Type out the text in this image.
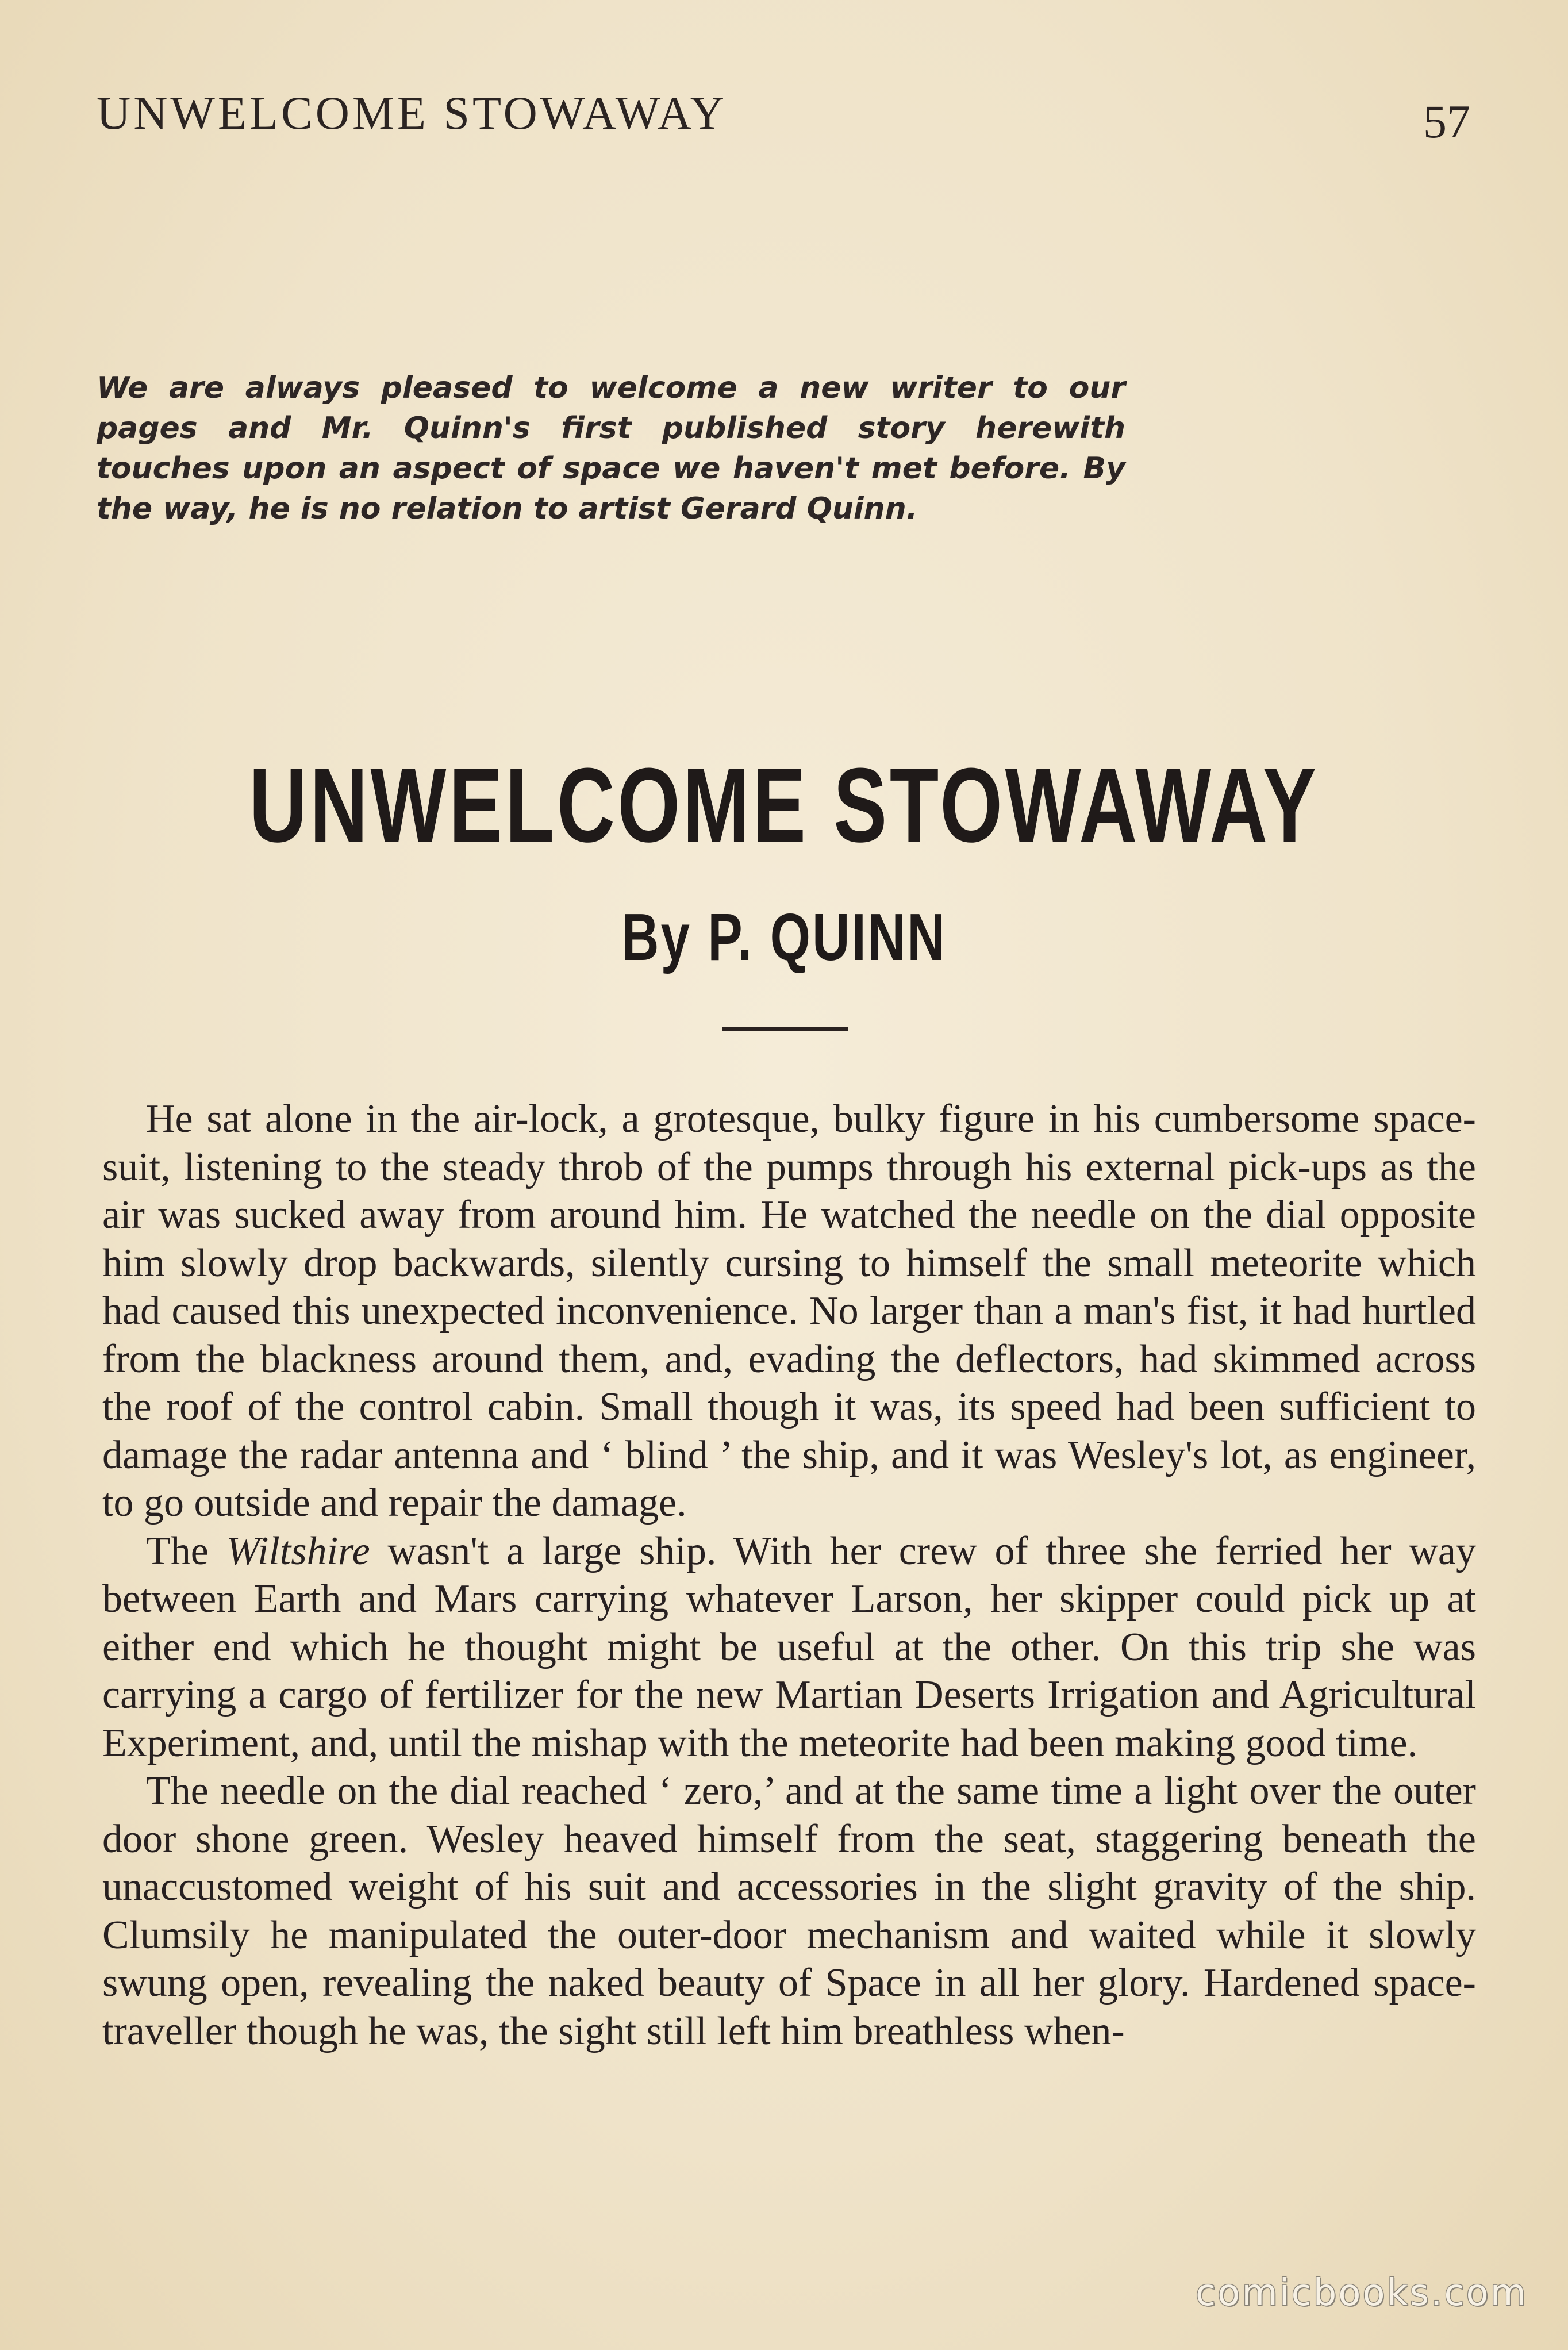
UNWELCOME STOWAWAY	57
We are always pleased to welcome a new writer to our pages and Mr. Quinn's first published story herewith touches upon an aspect of space we haven't met before. By the way, he is no relation to artist Gerard Quinn.
UNWELCOME STOWAWAY
By P. QUINN

He sat alone in the air-lock, a grotesque, bulky figure in his cumbersome space-suit, listening to the steady throb of the pumps through his external pick-ups as the air was sucked away from around him. He watched the needle on the dial opposite him slowly drop backwards, silently cursing to himself the small meteorite which had caused this unexpected inconvenience. No larger than a man's fist, it had hurtled from the blackness around them, and, evading the deflectors, had skimmed across the roof of the control cabin. Small though it was, its speed had been sufficient to damage the radar antenna and ‘ blind ’ the ship, and it was Wesley's lot, as engineer, to go outside and repair the damage.

The Wiltshire wasn't a large ship. With her crew of three she ferried her way between Earth and Mars carrying whatever Larson, her skipper could pick up at either end which he thought might be useful at the other. On this trip she was carrying a cargo of fertilizer for the new Martian Deserts Irrigation and Agricultural Experiment, and, until the mishap with the meteorite had been making good time.

The needle on the dial reached ‘ zero,’ and at the same time a light over the outer door shone green. Wesley heaved himself from the seat, staggering beneath the unaccustomed weight of his suit and accessories in the slight gravity of the ship. Clumsily he manipulated the outer-door mechanism and waited while it slowly swung open, revealing the naked beauty of Space in all her glory. Hardened space-traveller though he was, the sight still left him breathless when-

comicbooks.com
